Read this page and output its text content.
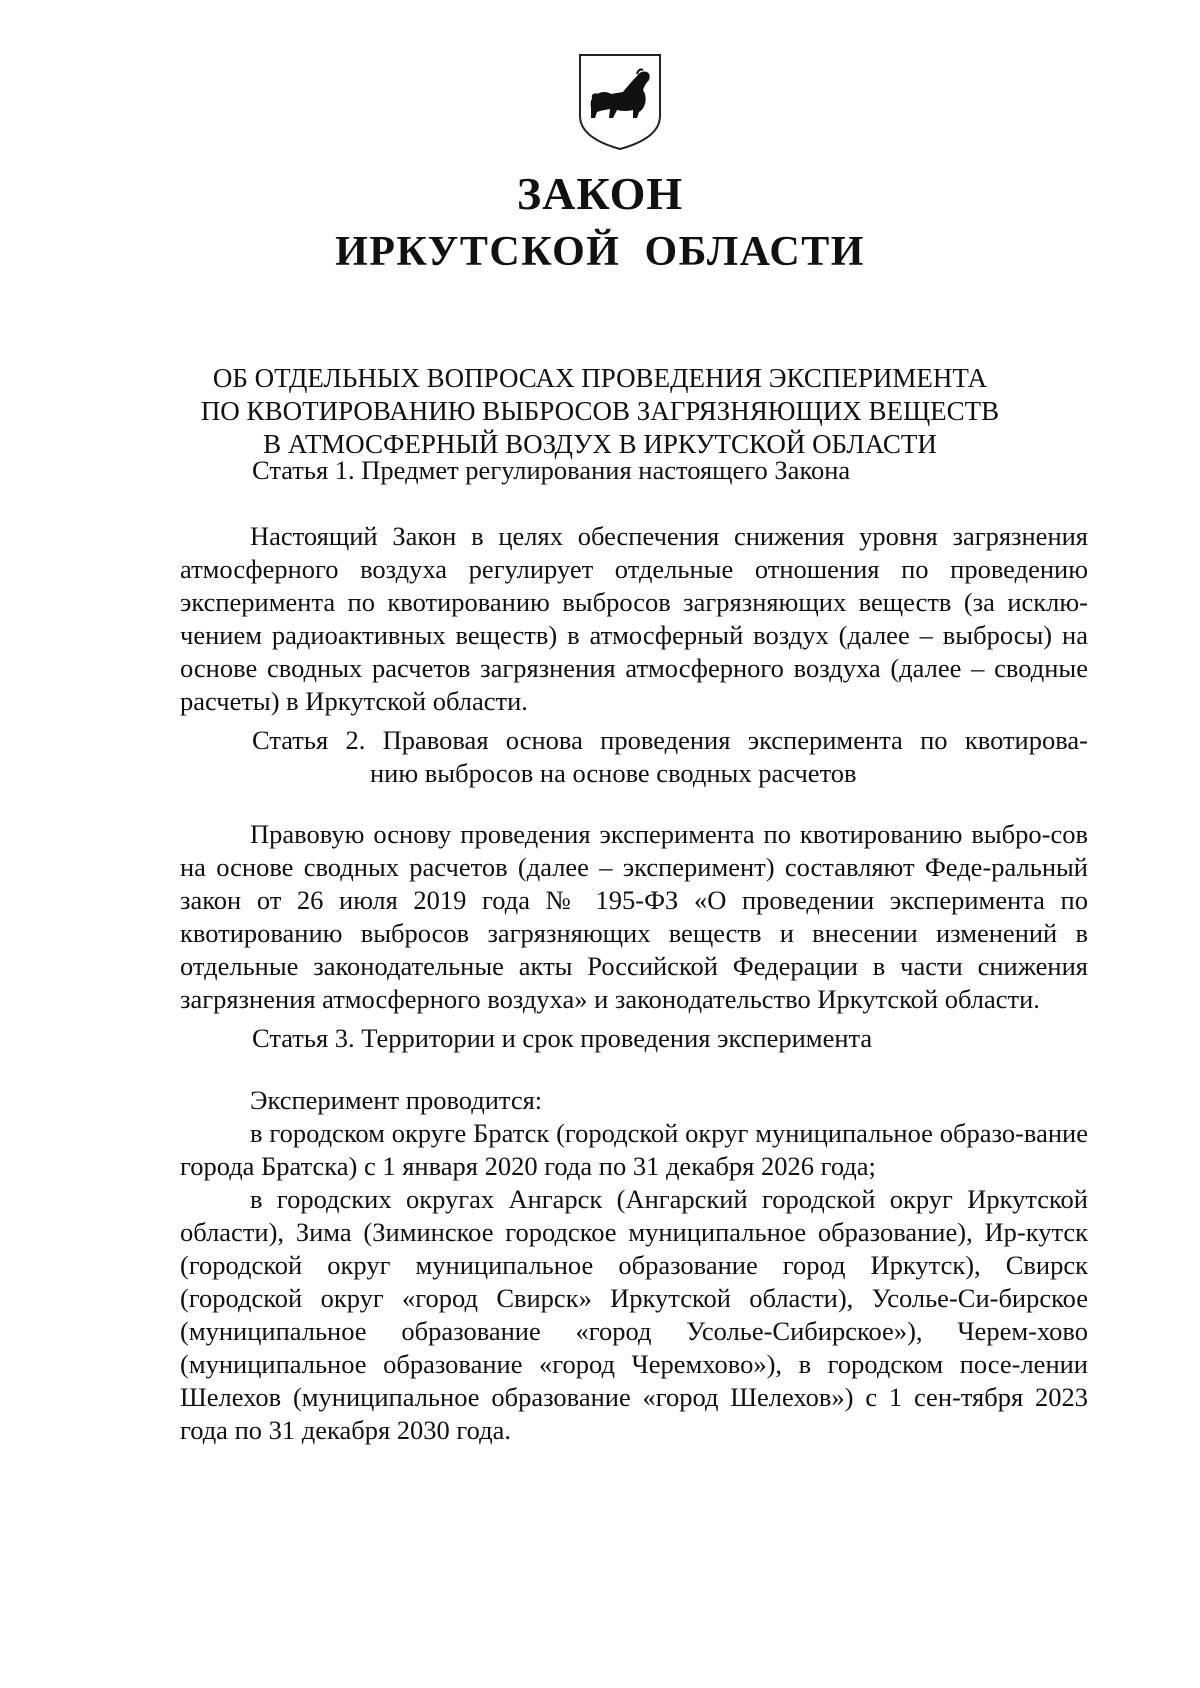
ЗАКОН
ИРКУТСКОЙ  ОБЛАСТИ
ОБ ОТДЕЛЬНЫХ ВОПРОСАХ ПРОВЕДЕНИЯ ЭКСПЕРИМЕНТА
ПО КВОТИРОВАНИЮ ВЫБРОСОВ ЗАГРЯЗНЯЮЩИХ ВЕЩЕСТВ
В АТМОСФЕРНЫЙ ВОЗДУХ В ИРКУТСКОЙ ОБЛАСТИ

Статья 1. Предмет регулирования настоящего Закона

Настоящий Закон в целях обеспечения снижения уровня загрязнения атмосферного воздуха регулирует отдельные отношения по проведению эксперимента по квотированию выбросов загрязняющих веществ (за исклю-чением радиоактивных веществ) в атмосферный воздух (далее – выбросы) на основе сводных расчетов загрязнения атмосферного воздуха (далее – сводные расчеты) в Иркутской области.

Статья 2. Правовая основа проведения эксперимента по квотирова-
нию выбросов на основе сводных расчетов

Правовую основу проведения эксперимента по квотированию выбро-сов на основе сводных расчетов (далее – эксперимент) составляют Феде-ральный закон от 26 июля 2019 года № 195-ФЗ «О проведении эксперимента по квотированию выбросов загрязняющих веществ и внесении изменений в отдельные законодательные акты Российской Федерации в части снижения загрязнения атмосферного воздуха» и законодательство Иркутской области.

Статья 3. Территории и срок проведения эксперимента

Эксперимент проводится:

в городском округе Братск (городской округ муниципальное образо-вание города Братска) с 1 января 2020 года по 31 декабря 2026 года;

в городских округах Ангарск (Ангарский городской округ Иркутской области), Зима (Зиминское городское муниципальное образование), Ир-кутск (городской округ муниципальное образование город Иркутск), Свирск (городской округ «город Свирск» Иркутской области), Усолье-Си-бирское (муниципальное образование «город Усолье-Сибирское»), Черем-хово (муниципальное образование «город Черемхово»), в городском посе-лении Шелехов (муниципальное образование «город Шелехов») с 1 сен-тября 2023 года по 31 декабря 2030 года.
